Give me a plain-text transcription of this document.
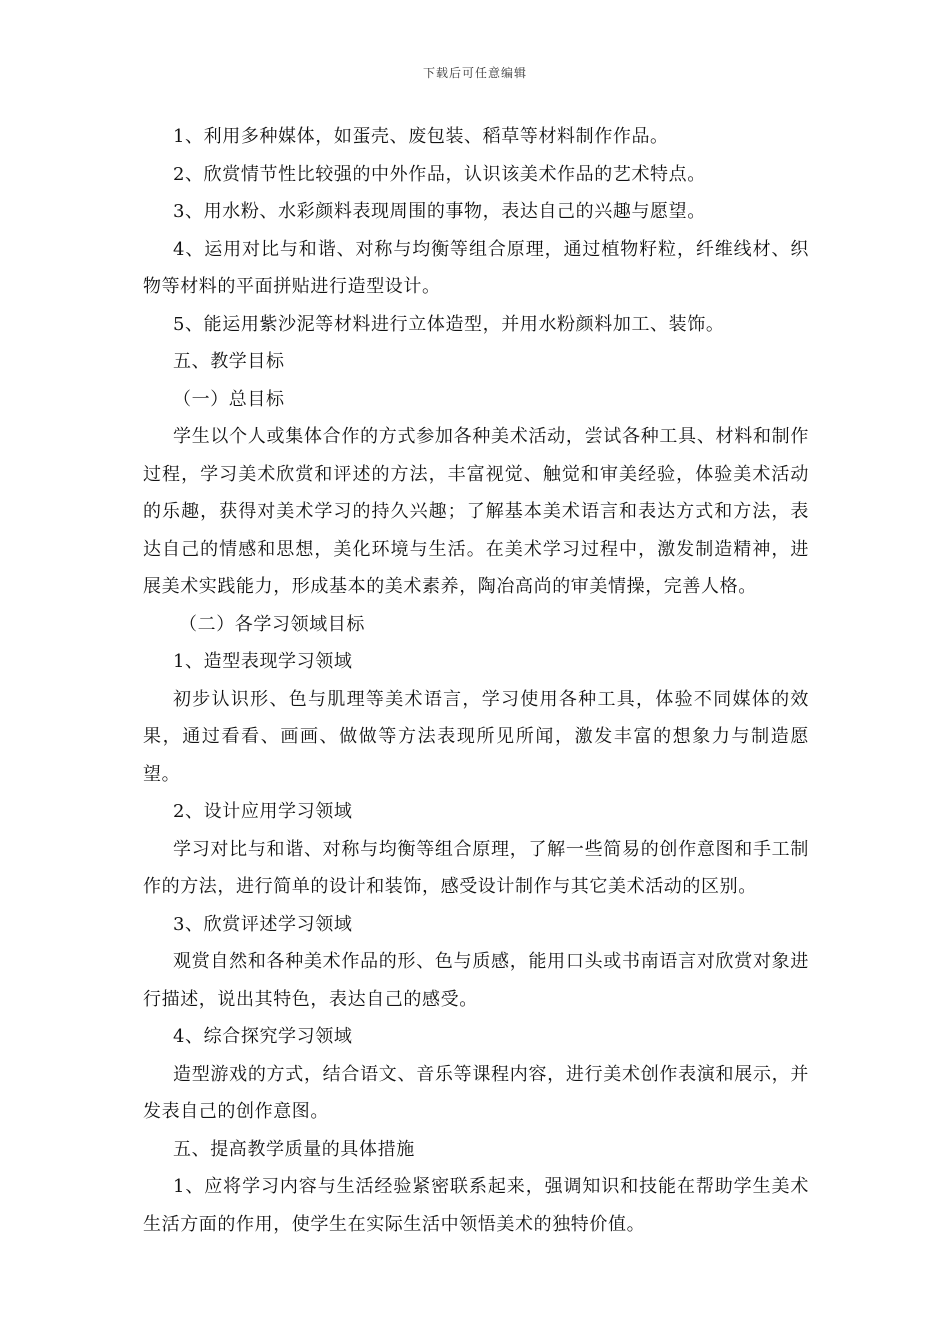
下载后可任意编辑

1、利用多种媒体，如蛋壳、废包装、稻草等材料制作作品。

2、欣赏情节性比较强的中外作品，认识该美术作品的艺术特点。

3、用水粉、水彩颜料表现周围的事物，表达自己的兴趣与愿望。

4、运用对比与和谐、对称与均衡等组合原理，通过植物籽粒，纤维线材、织物等材料的平面拼贴进行造型设计。

5、能运用紫沙泥等材料进行立体造型，并用水粉颜料加工、装饰。

五、教学目标

（一）总目标

学生以个人或集体合作的方式参加各种美术活动，尝试各种工具、材料和制作过程，学习美术欣赏和评述的方法，丰富视觉、触觉和审美经验，体验美术活动的乐趣，获得对美术学习的持久兴趣；了解基本美术语言和表达方式和方法，表达自己的情感和思想，美化环境与生活。在美术学习过程中，激发制造精神，进展美术实践能力，形成基本的美术素养，陶冶高尚的审美情操，完善人格。

（二）各学习领域目标

1、造型表现学习领域

初步认识形、色与肌理等美术语言，学习使用各种工具，体验不同媒体的效果，通过看看、画画、做做等方法表现所见所闻，激发丰富的想象力与制造愿望。

2、设计应用学习领域

学习对比与和谐、对称与均衡等组合原理，了解一些简易的创作意图和手工制作的方法，进行简单的设计和装饰，感受设计制作与其它美术活动的区别。

3、欣赏评述学习领域

观赏自然和各种美术作品的形、色与质感，能用口头或书南语言对欣赏对象进行描述，说出其特色，表达自己的感受。

4、综合探究学习领域

造型游戏的方式，结合语文、音乐等课程内容，进行美术创作表演和展示，并发表自己的创作意图。

五、提高教学质量的具体措施

1、应将学习内容与生活经验紧密联系起来，强调知识和技能在帮助学生美术生活方面的作用，使学生在实际生活中领悟美术的独特价值。
